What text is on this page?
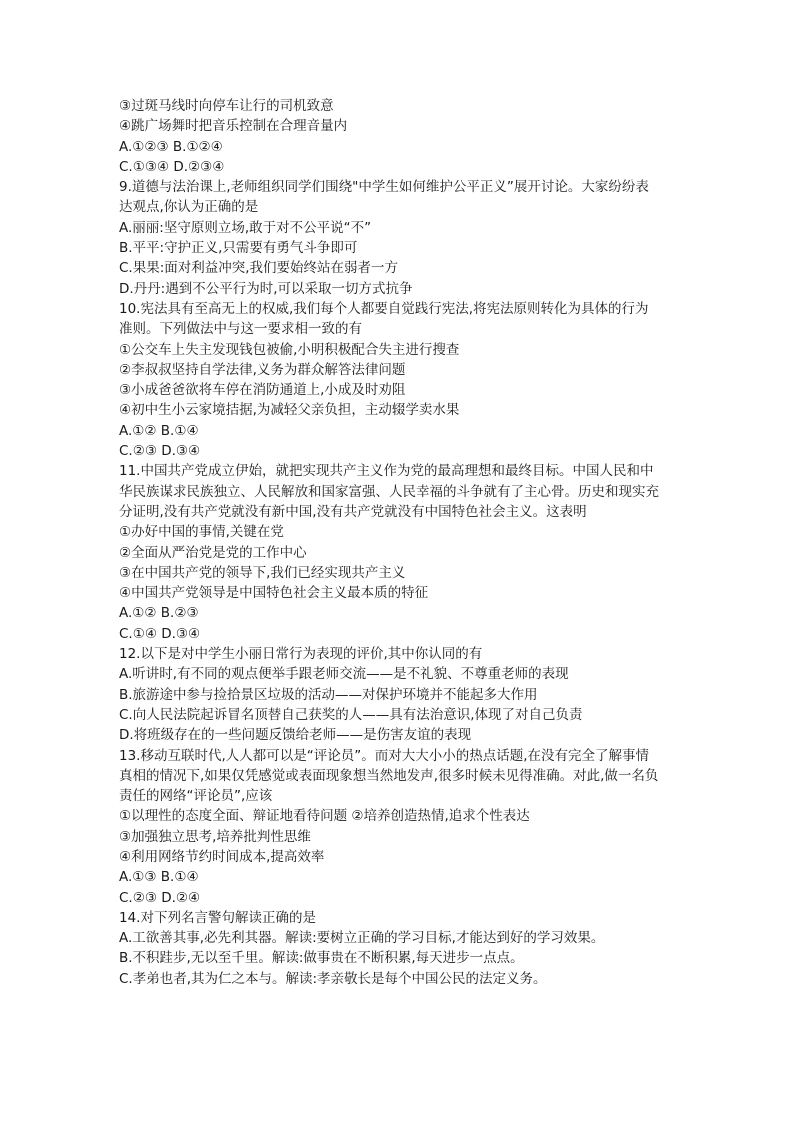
③过斑马线时向停车让行的司机致意
④跳广场舞时把音乐控制在合理音量内
A.①②③ B.①②④
C.①③④ D.②③④
9.道德与法治课上,老师组织同学们围绕"中学生如何维护公平正义”展开讨论。大家纷纷表
达观点,你认为正确的是
A.丽丽:坚守原则立场,敢于对不公平说“不”
B.平平:守护正义,只需要有勇气斗争即可
C.果果:面对利益冲突,我们要始终站在弱者一方
D.丹丹:遇到不公平行为时,可以采取一切方式抗争
10.宪法具有至高无上的权威,我们每个人都要自觉践行宪法,将宪法原则转化为具体的行为
准则。下列做法中与这一要求相一致的有
①公交车上失主发现钱包被偷,小明积极配合失主进行搜查
②李叔叔坚持自学法律,义务为群众解答法律问题
③小成爸爸欲将车停在消防通道上,小成及时劝阻
④初中生小云家境拮据,为减轻父亲负担，主动辍学卖水果
A.①② B.①④
C.②③ D.③④
11.中国共产党成立伊始，就把实现共产主义作为党的最高理想和最终目标。中国人民和中
华民族谋求民族独立、人民解放和国家富强、人民幸福的斗争就有了主心骨。历史和现实充
分证明,没有共产党就没有新中国,没有共产党就没有中国特色社会主义。这表明
①办好中国的事情,关键在党
②全面从严治党是党的工作中心
③在中国共产党的领导下,我们已经实现共产主义
④中国共产党领导是中国特色社会主义最本质的特征
A.①② B.②③
C.①④ D.③④
12.以下是对中学生小丽日常行为表现的评价,其中你认同的有
A.听讲时,有不同的观点便举手跟老师交流——是不礼貌、不尊重老师的表现
B.旅游途中参与捡拾景区垃圾的活动——对保护环境并不能起多大作用
C.向人民法院起诉冒名顶替自己获奖的人——具有法治意识,体现了对自己负责
D.将班级存在的一些问题反馈给老师——是伤害友谊的表现
13.移动互联时代,人人都可以是“评论员”。而对大大小小的热点话题,在没有完全了解事情
真相的情况下,如果仅凭感觉或表面现象想当然地发声,很多时候未见得准确。对此,做一名负
责任的网络“评论员”,应该
①以理性的态度全面、辩证地看待问题 ②培养创造热情,追求个性表达
③加强独立思考,培养批判性思维
④利用网络节约时间成本,提高效率
A.①③ B.①④
C.②③ D.②④
14.对下列名言警句解读正确的是
A.工欲善其事,必先利其器。解读:要树立正确的学习目标,才能达到好的学习效果。
B.不积跬步,无以至千里。解读:做事贵在不断积累,每天进步一点点。
C.孝弟也者,其为仁之本与。解读:孝亲敬长是每个中国公民的法定义务。
